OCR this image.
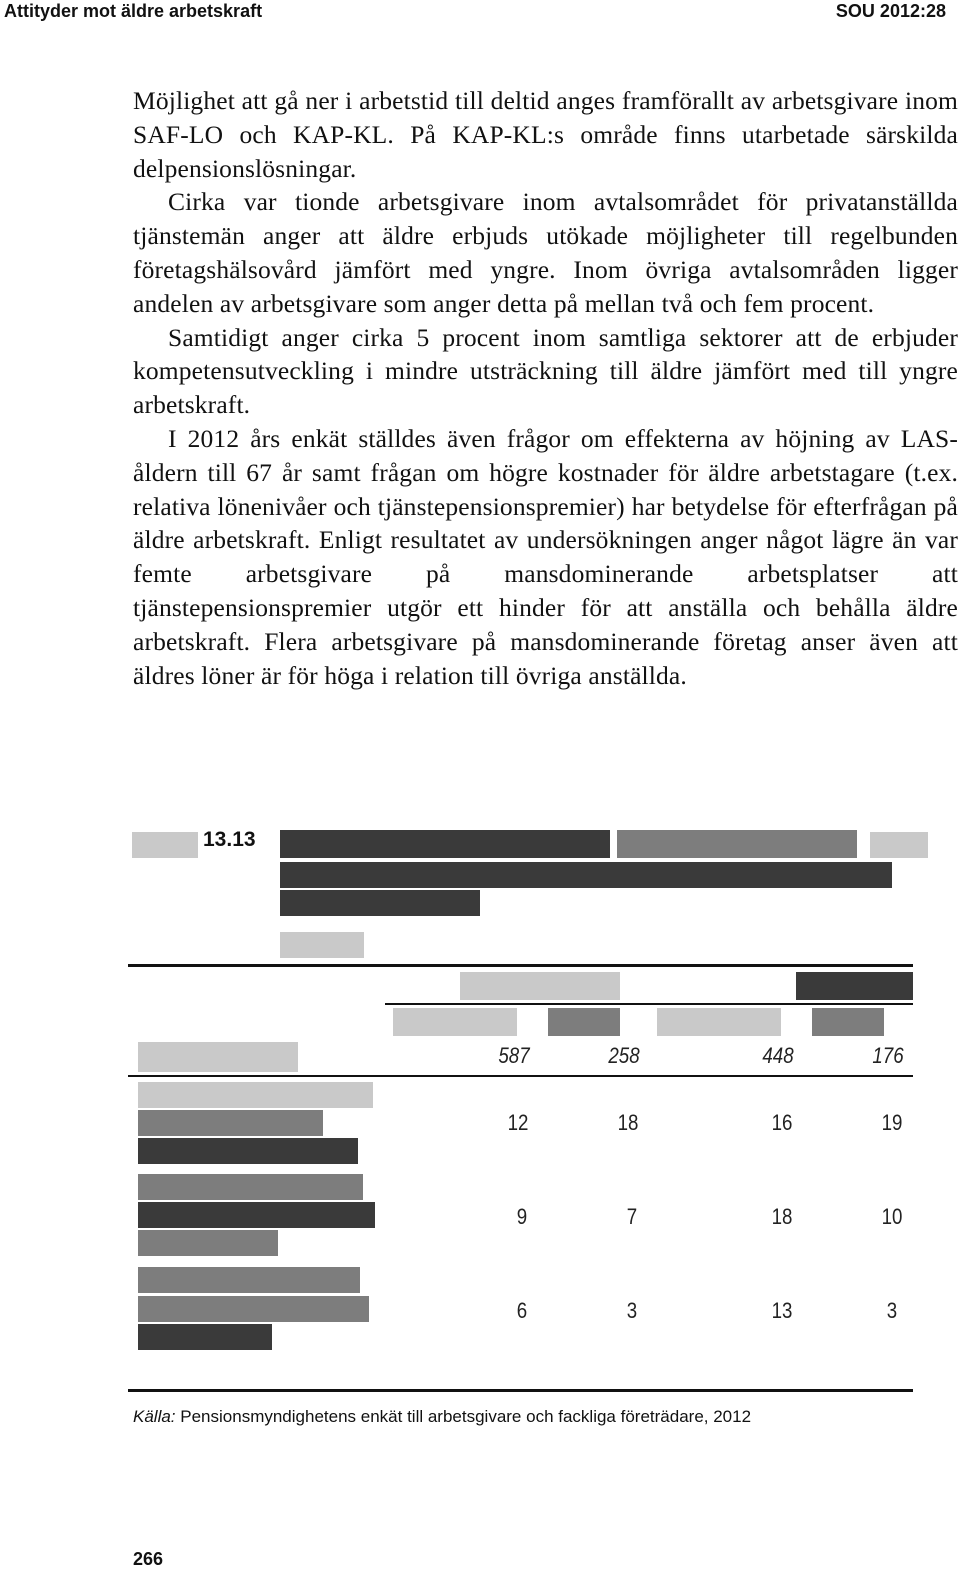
Attityder mot äldre arbetskraft	SOU 2012:28

Möjlighet att gå ner i arbetstid till deltid anges framförallt av arbetsgivare inom SAF-LO och KAP-KL. På KAP-KL:s område finns utarbetade särskilda delpensionslösningar.

Cirka var tionde arbetsgivare inom avtalsområdet för privatanställda tjänstemän anger att äldre erbjuds utökade möjligheter till regelbunden företagshälsovård jämfört med yngre. Inom övriga avtalsområden ligger andelen av arbetsgivare som anger detta på mellan två och fem procent.

Samtidigt anger cirka 5 procent inom samtliga sektorer att de erbjuder kompetensutveckling i mindre utsträckning till äldre jämfört med till yngre arbetskraft.

I 2012 års enkät ställdes även frågor om effekterna av höjning av LAS-åldern till 67 år samt frågan om högre kostnader för äldre arbetstagare (t.ex. relativa lönenivåer och tjänstepensionspremier) har betydelse för efterfrågan på äldre arbetskraft. Enligt resultatet av undersökningen anger något lägre än var femte arbetsgivare på mansdominerande arbetsplatser att tjänstepensionspremier utgör ett hinder för att anställa och behålla äldre arbetskraft. Flera arbetsgivare på mansdominerande företag anser även att äldres löner är för höga i relation till övriga anställda.

13.13
587	258	448	176
12	18	16	19
9	7	18	10
6	3	13	3
Källa: Pensionsmyndighetens enkät till arbetsgivare och fackliga företrädare, 2012
266
